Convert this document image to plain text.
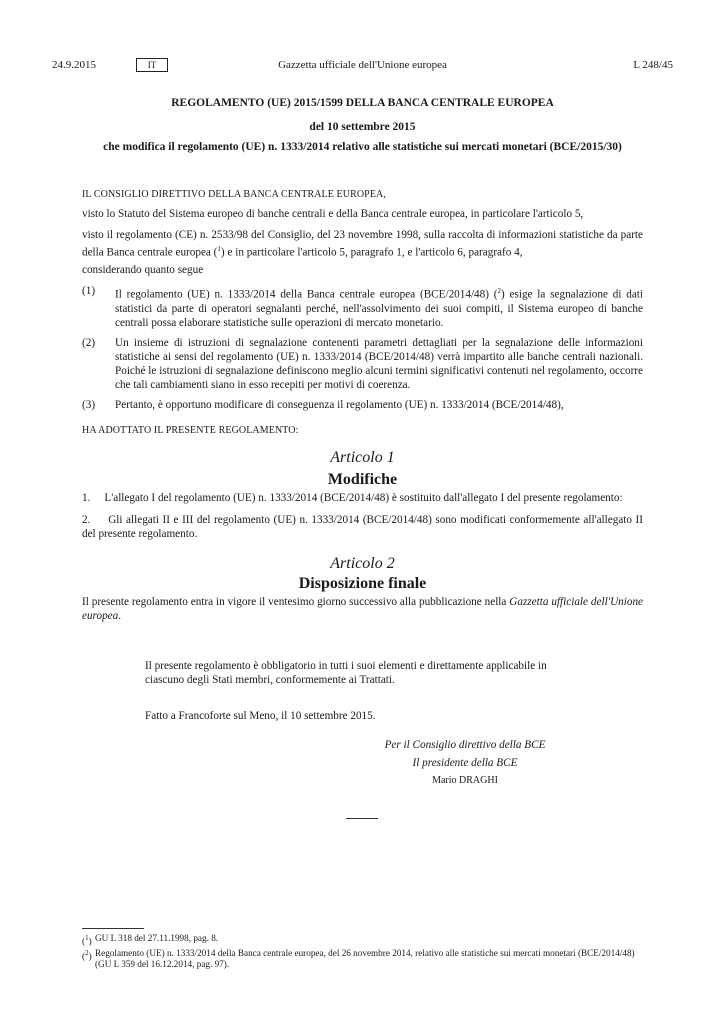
24.9.2015	IT	Gazzetta ufficiale dell'Unione europea	L 248/45
REGOLAMENTO (UE) 2015/1599 DELLA BANCA CENTRALE EUROPEA
del 10 settembre 2015
che modifica il regolamento (UE) n. 1333/2014 relativo alle statistiche sui mercati monetari (BCE/2015/30)
IL CONSIGLIO DIRETTIVO DELLA BANCA CENTRALE EUROPEA,
visto lo Statuto del Sistema europeo di banche centrali e della Banca centrale europea, in particolare l'articolo 5,
visto il regolamento (CE) n. 2533/98 del Consiglio, del 23 novembre 1998, sulla raccolta di informazioni statistiche da parte della Banca centrale europea ($^1$) e in particolare l'articolo 5, paragrafo 1, e l'articolo 6, paragrafo 4,
considerando quanto segue
(1)	Il regolamento (UE) n. 1333/2014 della Banca centrale europea (BCE/2014/48) ($^2$) esige la segnalazione di dati statistici da parte di operatori segnalanti perché, nell'assolvimento dei suoi compiti, il Sistema europeo di banche centrali possa elaborare statistiche sulle operazioni di mercato monetario.
(2)	Un insieme di istruzioni di segnalazione contenenti parametri dettagliati per la segnalazione delle informazioni statistiche ai sensi del regolamento (UE) n. 1333/2014 (BCE/2014/48) verrà impartito alle banche centrali nazionali. Poiché le istruzioni di segnalazione definiscono meglio alcuni termini significativi contenuti nel regolamento, occorre che tali cambiamenti siano in esso recepiti per motivi di coerenza.
(3)	Pertanto, è opportuno modificare di conseguenza il regolamento (UE) n. 1333/2014 (BCE/2014/48),
HA ADOTTATO IL PRESENTE REGOLAMENTO:
Articolo 1
Modifiche
1.     L'allegato I del regolamento (UE) n. 1333/2014 (BCE/2014/48) è sostituito dall'allegato I del presente regolamento:
2.     Gli allegati II e III del regolamento (UE) n. 1333/2014 (BCE/2014/48) sono modificati conformemente all'allegato II del presente regolamento.
Articolo 2
Disposizione finale
Il presente regolamento entra in vigore il ventesimo giorno successivo alla pubblicazione nella Gazzetta ufficiale dell'Unione europea.
Il presente regolamento è obbligatorio in tutti i suoi elementi e direttamente applicabile in ciascuno degli Stati membri, conformemente ai Trattati.
Fatto a Francoforte sul Meno, il 10 settembre 2015.
Per il Consiglio direttivo della BCE
Il presidente della BCE
Mario DRAGHI
($^1$) GU L 318 del 27.11.1998, pag. 8.
($^2$) Regolamento (UE) n. 1333/2014 della Banca centrale europea, del 26 novembre 2014, relativo alle statistiche sui mercati monetari (BCE/2014/48) (GU L 359 del 16.12.2014, pag. 97).
